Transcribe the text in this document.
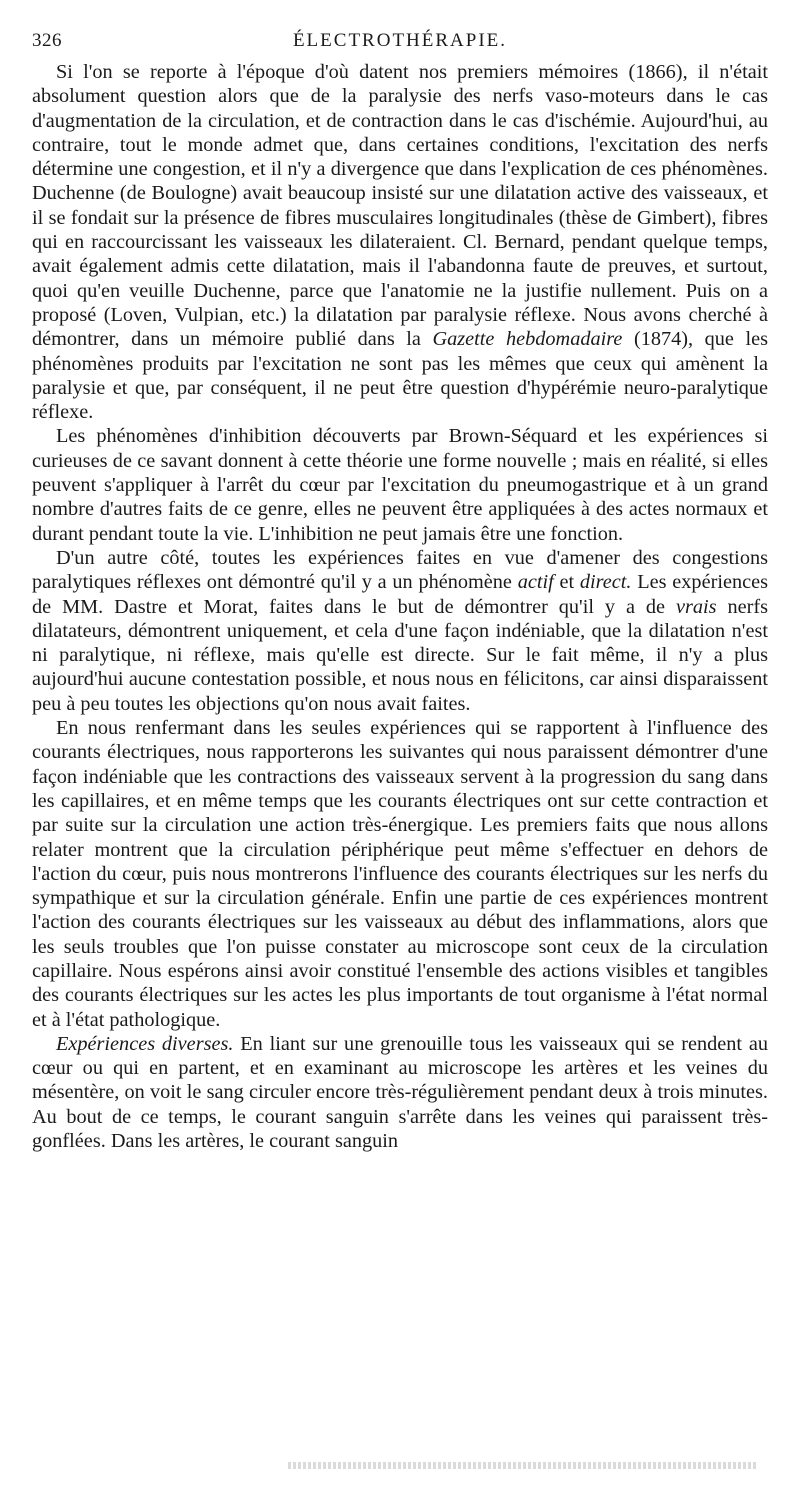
326	ÉLECTROTHÉRAPIE.

Si l'on se reporte à l'époque d'où datent nos premiers mémoires (1866), il n'était absolument question alors que de la paralysie des nerfs vaso-moteurs dans le cas d'augmentation de la circulation, et de contraction dans le cas d'ischémie. Aujourd'hui, au contraire, tout le monde admet que, dans certaines conditions, l'excitation des nerfs détermine une congestion, et il n'y a divergence que dans l'explication de ces phénomènes. Duchenne (de Boulogne) avait beaucoup insisté sur une dilatation active des vaisseaux, et il se fondait sur la présence de fibres musculaires longitudinales (thèse de Gimbert), fibres qui en raccourcissant les vaisseaux les dilateraient. Cl. Bernard, pendant quelque temps, avait également admis cette dilatation, mais il l'abandonna faute de preuves, et surtout, quoi qu'en veuille Duchenne, parce que l'anatomie ne la justifie nullement. Puis on a proposé (Loven, Vulpian, etc.) la dilatation par paralysie réflexe. Nous avons cherché à démontrer, dans un mémoire publié dans la Gazette hebdomadaire (1874), que les phénomènes produits par l'excitation ne sont pas les mêmes que ceux qui amènent la paralysie et que, par conséquent, il ne peut être question d'hypérémie neuro-paralytique réflexe.

Les phénomènes d'inhibition découverts par Brown-Séquard et les expériences si curieuses de ce savant donnent à cette théorie une forme nouvelle ; mais en réalité, si elles peuvent s'appliquer à l'arrêt du cœur par l'excitation du pneumogastrique et à un grand nombre d'autres faits de ce genre, elles ne peuvent être appliquées à des actes normaux et durant pendant toute la vie. L'inhibition ne peut jamais être une fonction.

D'un autre côté, toutes les expériences faites en vue d'amener des congestions paralytiques réflexes ont démontré qu'il y a un phénomène actif et direct. Les expériences de MM. Dastre et Morat, faites dans le but de démontrer qu'il y a de vrais nerfs dilatateurs, démontrent uniquement, et cela d'une façon indéniable, que la dilatation n'est ni paralytique, ni réflexe, mais qu'elle est directe. Sur le fait même, il n'y a plus aujourd'hui aucune contestation possible, et nous nous en félicitons, car ainsi disparaissent peu à peu toutes les objections qu'on nous avait faites.

En nous renfermant dans les seules expériences qui se rapportent à l'influence des courants électriques, nous rapporterons les suivantes qui nous paraissent démontrer d'une façon indéniable que les contractions des vaisseaux servent à la progression du sang dans les capillaires, et en même temps que les courants électriques ont sur cette contraction et par suite sur la circulation une action très-énergique. Les premiers faits que nous allons relater montrent que la circulation périphérique peut même s'effectuer en dehors de l'action du cœur, puis nous montrerons l'influence des courants électriques sur les nerfs du sympathique et sur la circulation générale. Enfin une partie de ces expériences montrent l'action des courants électriques sur les vaisseaux au début des inflammations, alors que les seuls troubles que l'on puisse constater au microscope sont ceux de la circulation capillaire. Nous espérons ainsi avoir constitué l'ensemble des actions visibles et tangibles des courants électriques sur les actes les plus importants de tout organisme à l'état normal et à l'état pathologique.

Expériences diverses. En liant sur une grenouille tous les vaisseaux qui se rendent au cœur ou qui en partent, et en examinant au microscope les artères et les veines du mésentère, on voit le sang circuler encore très-régulièrement pendant deux à trois minutes. Au bout de ce temps, le courant sanguin s'arrête dans les veines qui paraissent très-gonflées. Dans les artères, le courant sanguin
